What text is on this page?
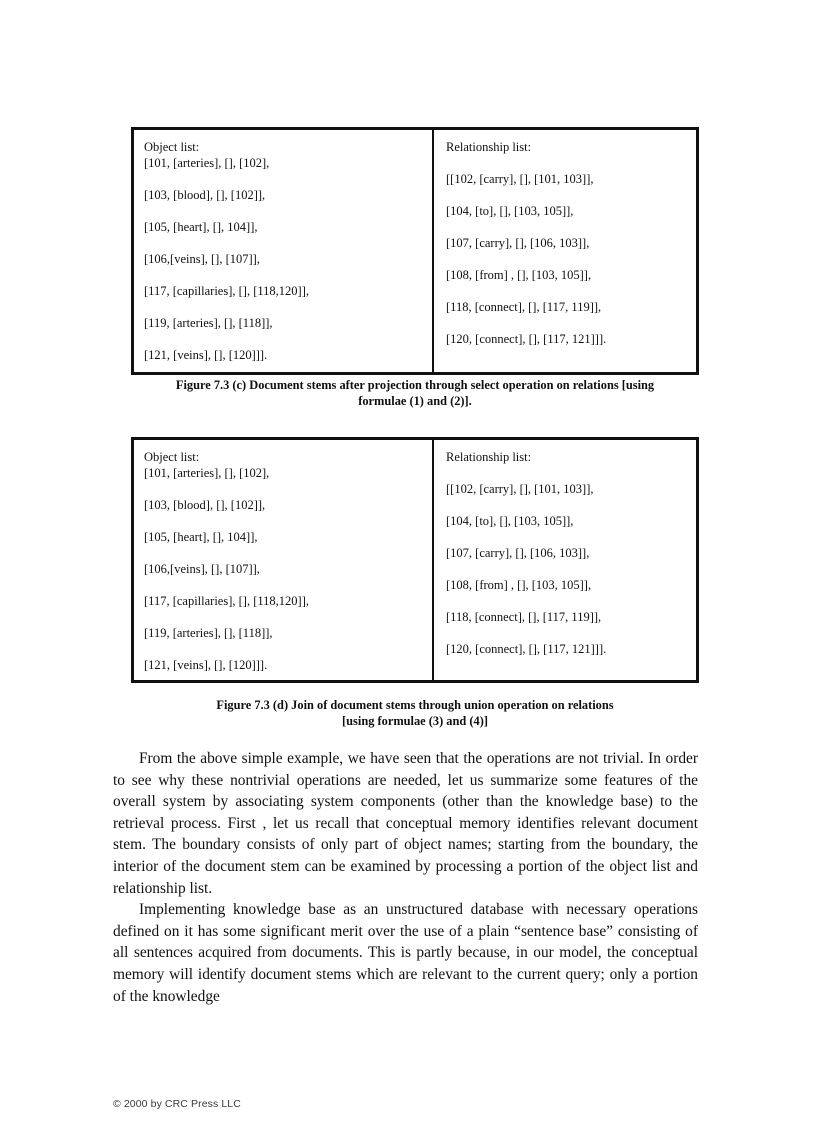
Object list:
[101, [arteries], [], [102],
[103, [blood], [], [102]],
[105, [heart], [], 104]],
[106,[veins], [], [107]],
[117, [capillaries], [], [118,120]],
[119, [arteries], [], [118]],
[121, [veins], [], [120]]].
Relationship list:
[[102, [carry], [], [101, 103]],
[104, [to], [], [103, 105]],
[107, [carry], [], [106, 103]],
[108, [from] , [], [103, 105]],
[118, [connect], [], [117, 119]],
[120, [connect], [], [117, 121]]].
Figure 7.3 (c) Document stems after projection through select operation on relations [using
formulae (1) and (2)].
Object list:
[101, [arteries], [], [102],
[103, [blood], [], [102]],
[105, [heart], [], 104]],
[106,[veins], [], [107]],
[117, [capillaries], [], [118,120]],
[119, [arteries], [], [118]],
[121, [veins], [], [120]]].
Relationship list:
[[102, [carry], [], [101, 103]],
[104, [to], [], [103, 105]],
[107, [carry], [], [106, 103]],
[108, [from] , [], [103, 105]],
[118, [connect], [], [117, 119]],
[120, [connect], [], [117, 121]]].
Figure 7.3 (d) Join of document stems through union operation on relations
[using formulae (3) and (4)]

From the above simple example, we have seen that the operations are not trivial. In order to see why these nontrivial operations are needed, let us summarize some features of the overall system by associating system components (other than the knowledge base) to the retrieval process. First , let us recall that conceptual memory identifies relevant document stem. The boundary consists of only part of object names; starting from the boundary, the interior of the document stem can be examined by processing a portion of the object list and relationship list.

Implementing knowledge base as an unstructured database with necessary operations defined on it has some significant merit over the use of a plain “sentence base” consisting of all sentences acquired from documents. This is partly because, in our model, the conceptual memory will identify document stems which are relevant to the current query; only a portion of the knowledge

© 2000 by CRC Press LLC
